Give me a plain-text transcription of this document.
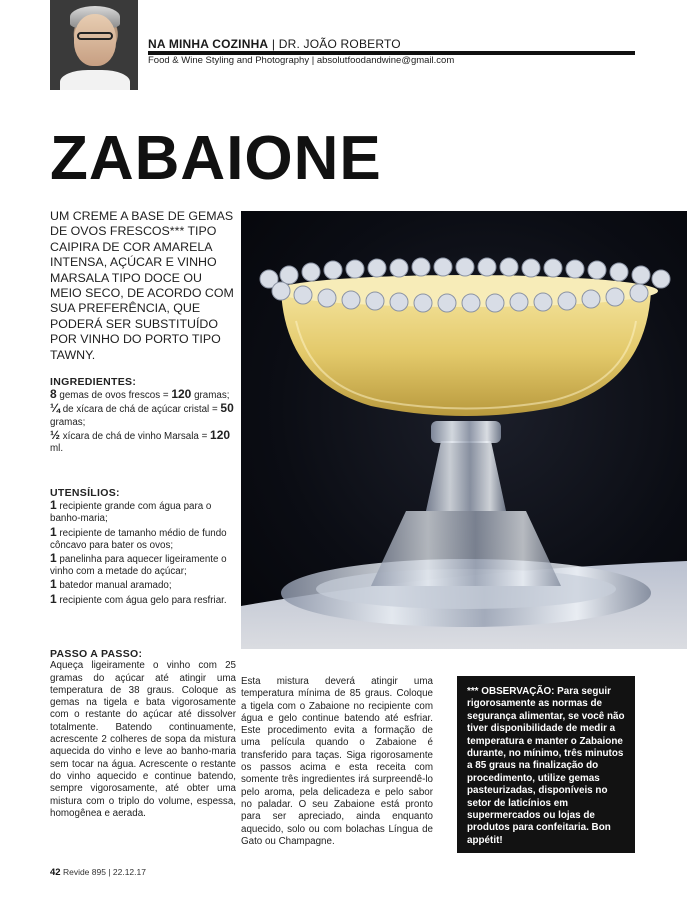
NA MINHA COZINHA | DR. JOÃO ROBERTO
Food & Wine Styling and Photography | absolutfoodandwine@gmail.com
ZABAIONE
UM CREME A BASE DE GEMAS DE OVOS FRESCOS*** TIPO CAIPIRA DE COR AMARELA INTENSA, AÇÚCAR E VINHO MARSALA TIPO DOCE OU MEIO SECO, DE ACORDO COM SUA PREFERÊNCIA, QUE PODERÁ SER SUBSTITUÍDO POR VINHO DO PORTO TIPO TAWNY.
INGREDIENTES:

8 gemas de ovos frescos = 120 gramas;

¼ de xícara de chá de açúcar cristal = 50 gramas;

½ xícara de chá de vinho Marsala = 120 ml.

UTENSÍLIOS:

1 recipiente grande com água para o banho-maria;

1 recipiente de tamanho médio de fundo côncavo para bater os ovos;

1 panelinha para aquecer ligeiramente o vinho com a metade do açúcar;

1 batedor manual aramado;

1 recipiente com água gelo para resfriar.

PASSO A PASSO:

Aqueça ligeiramente o vinho com 25 gramas do açúcar até atingir uma temperatura de 38 graus. Coloque as gemas na tigela e bata vigorosamente com o restante do açúcar até dissolver totalmente. Batendo continuamente, acrescente 2 colheres de sopa da mistura aquecida do vinho e leve ao banho-maria sem tocar na água. Acrescente o restante do vinho aquecido e continue batendo, sempre vigorosamente, até obter uma mistura com o triplo do volume, espessa, homogênea e aerada.

Esta mistura deverá atingir uma temperatura mínima de 85 graus. Coloque a tigela com o Zabaione no recipiente com água e gelo continue batendo até esfriar. Este procedimento evita a formação de uma película quando o Zabaione é transferido para taças. Siga rigorosamente os passos acima e esta receita com somente três ingredientes irá surpreendê-lo pelo aroma, pela delicadeza e pelo sabor no paladar. O seu Zabaione está pronto para ser apreciado, ainda enquanto aquecido, solo ou com bolachas Língua de Gato ou Champagne.
*** OBSERVAÇÃO: Para seguir rigorosamente as normas de segurança alimentar, se você não tiver disponibilidade de medir a temperatura e manter o Zabaione durante, no mínimo, três minutos a 85 graus na finalização do procedimento, utilize gemas pasteurizadas, disponíveis no setor de laticínios em supermercados ou lojas de produtos para confeitaria. Bon appétit!
42 Revide 895 | 22.12.17
